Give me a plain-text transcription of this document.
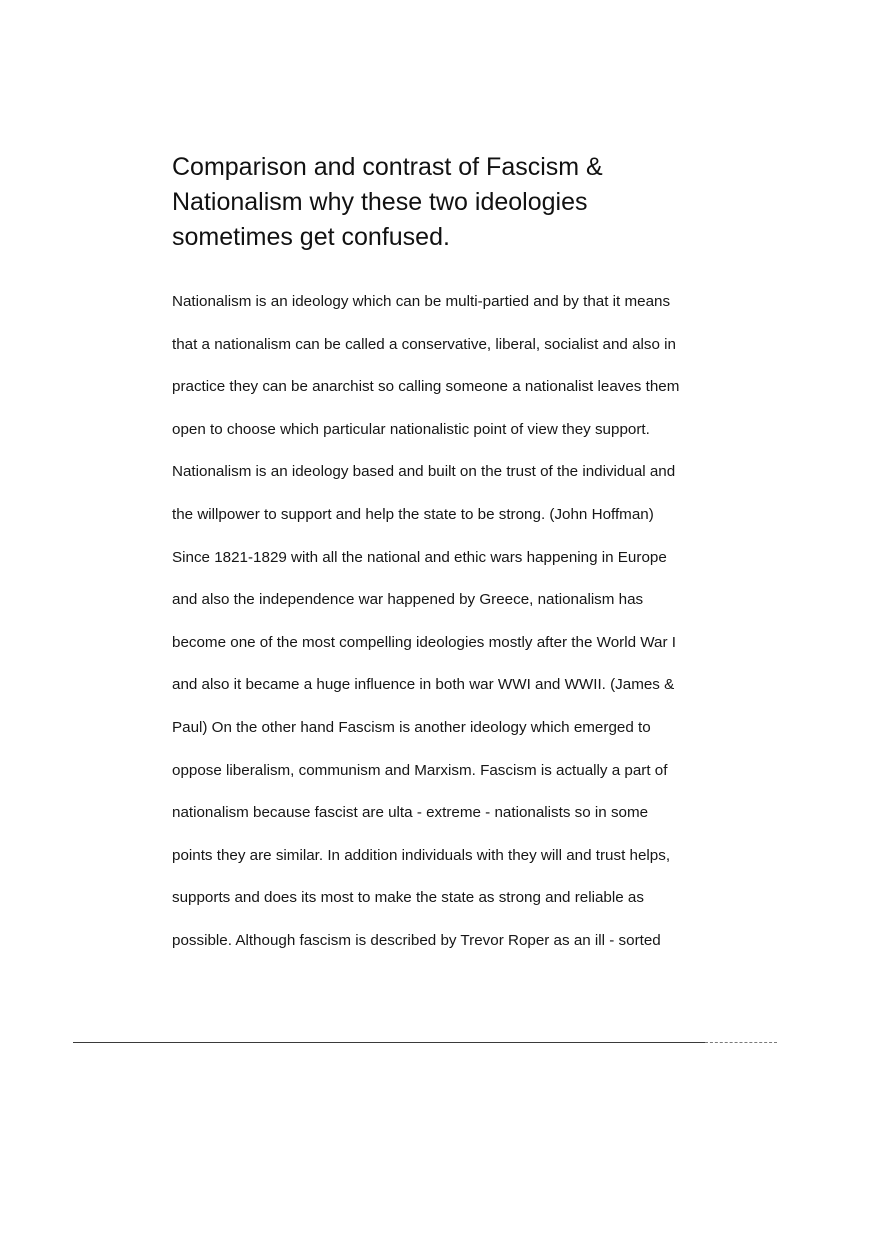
Comparison and contrast of Fascism &
Nationalism why these two ideologies
sometimes get confused.
Nationalism is an ideology which can be multi-partied and by that it means
that a nationalism can be called a conservative, liberal, socialist and also in
practice they can be anarchist so calling someone a nationalist leaves them
open to choose which particular nationalistic point of view they support.
Nationalism is an ideology based and built on the trust of the individual and
the willpower to support and help the state to be strong. (John Hoffman)
Since 1821-1829 with all the national and ethic wars happening in Europe
and also the independence war happened by Greece, nationalism has
become one of the most compelling ideologies mostly after the World War I
and also it became a huge influence in both war WWI and WWII. (James &
Paul) On the other hand Fascism is another ideology which emerged to
oppose liberalism, communism and Marxism. Fascism is actually a part of
nationalism because fascist are ulta - extreme - nationalists so in some
points they are similar. In addition individuals with they will and trust helps,
supports and does its most to make the state as strong and reliable as
possible. Although fascism is described by Trevor Roper as an ill - sorted
